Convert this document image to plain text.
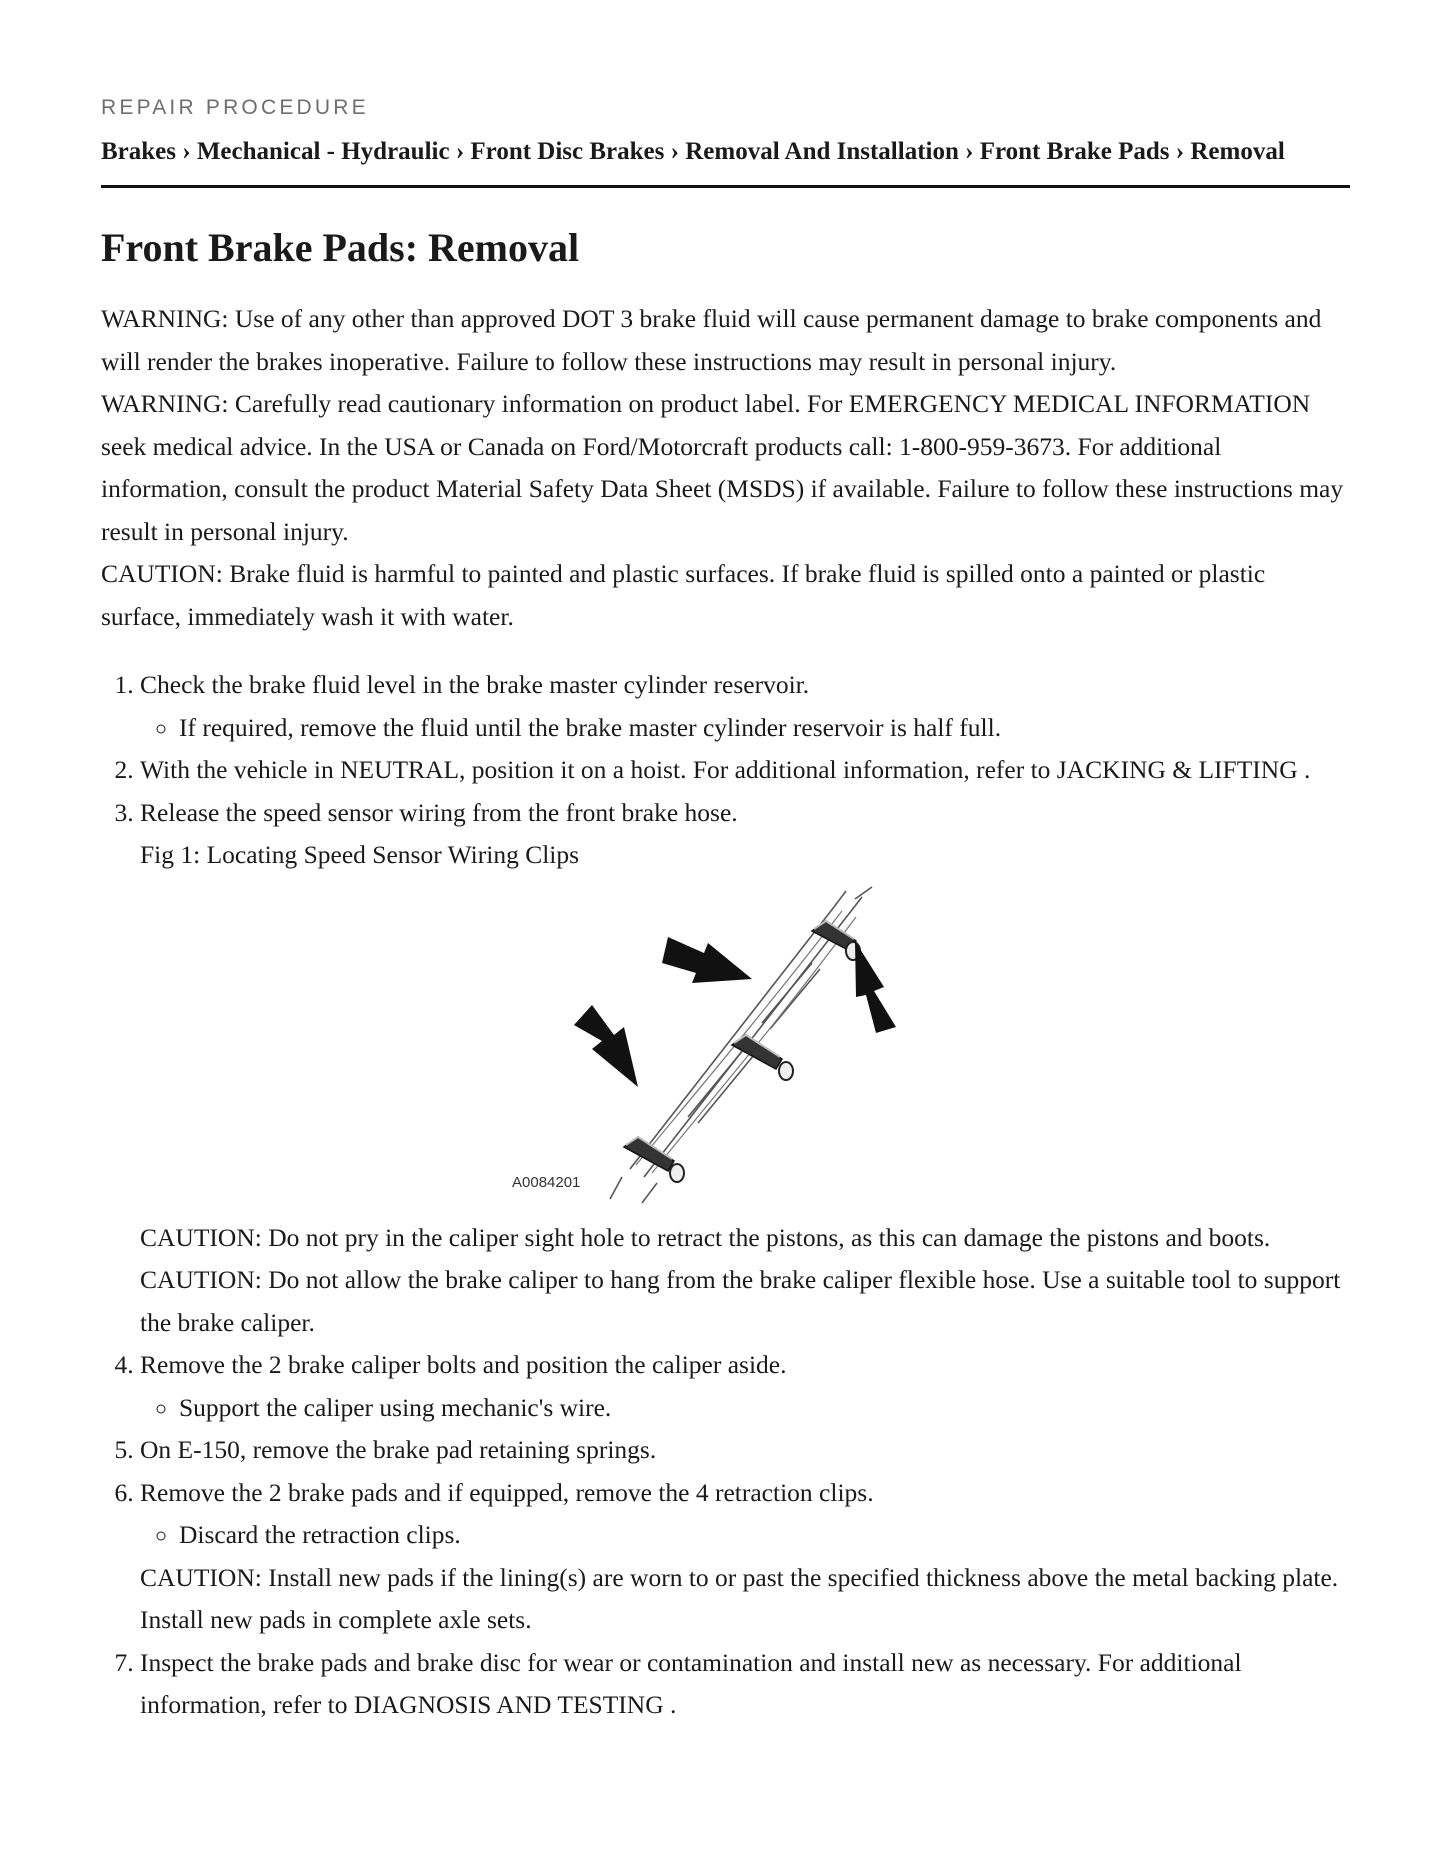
REPAIR PROCEDURE

Brakes › Mechanical - Hydraulic › Front Disc Brakes › Removal And Installation › Front Brake Pads › Removal
Front Brake Pads: Removal

WARNING: Use of any other than approved DOT 3 brake fluid will cause permanent damage to brake components and will render the brakes inoperative. Failure to follow these instructions may result in personal injury.

WARNING: Carefully read cautionary information on product label. For EMERGENCY MEDICAL INFORMATION seek medical advice. In the USA or Canada on Ford/Motorcraft products call: 1-800-959-3673. For additional information, consult the product Material Safety Data Sheet (MSDS) if available. Failure to follow these instructions may result in personal injury.

CAUTION: Brake fluid is harmful to painted and plastic surfaces. If brake fluid is spilled onto a painted or plastic surface, immediately wash it with water.

1. Check the brake fluid level in the brake master cylinder reservoir.
◦ If required, remove the fluid until the brake master cylinder reservoir is half full.
2. With the vehicle in NEUTRAL, position it on a hoist. For additional information, refer to JACKING & LIFTING .
3. Release the speed sensor wiring from the front brake hose.
Fig 1: Locating Speed Sensor Wiring Clips
A0084201

CAUTION: Do not pry in the caliper sight hole to retract the pistons, as this can damage the pistons and boots.

CAUTION: Do not allow the brake caliper to hang from the brake caliper flexible hose. Use a suitable tool to support the brake caliper.

4. Remove the 2 brake caliper bolts and position the caliper aside.
◦ Support the caliper using mechanic's wire.
5. On E-150, remove the brake pad retaining springs.
6. Remove the 2 brake pads and if equipped, remove the 4 retraction clips.
◦ Discard the retraction clips.

CAUTION: Install new pads if the lining(s) are worn to or past the specified thickness above the metal backing plate. Install new pads in complete axle sets.

7. Inspect the brake pads and brake disc for wear or contamination and install new as necessary. For additional information, refer to DIAGNOSIS AND TESTING .
